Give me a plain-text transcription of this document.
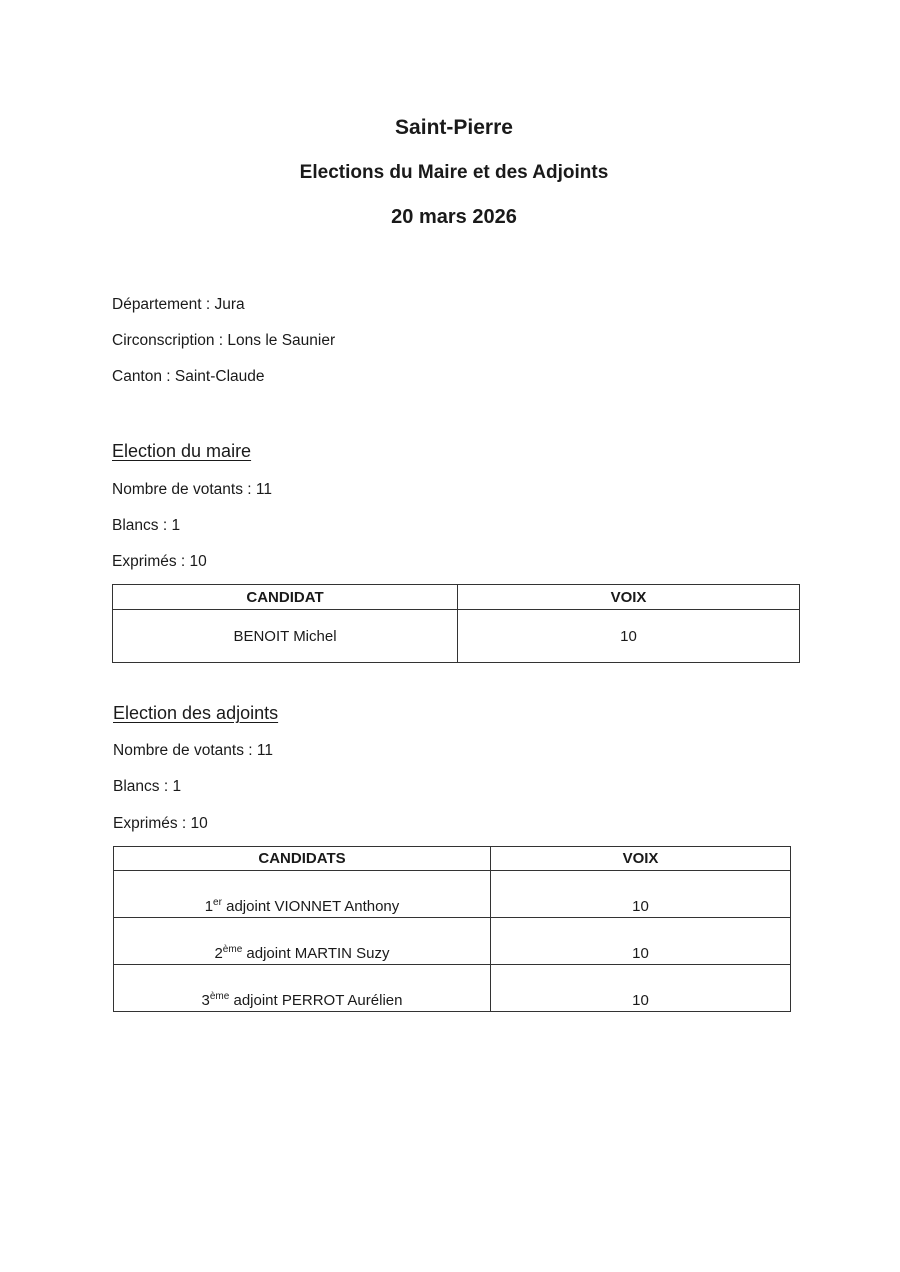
Saint-Pierre
Elections du Maire et des Adjoints
20 mars 2026
Département : Jura
Circonscription : Lons le Saunier
Canton : Saint-Claude
Election du maire
Nombre de votants : 11
Blancs : 1
Exprimés : 10
CANDIDAT	VOIX
BENOIT Michel	10
Election des adjoints
Nombre de votants : 11
Blancs : 1
Exprimés : 10
CANDIDATS	VOIX
1er adjoint VIONNET Anthony	10
2ème adjoint MARTIN Suzy	10
3ème adjoint PERROT Aurélien	10
